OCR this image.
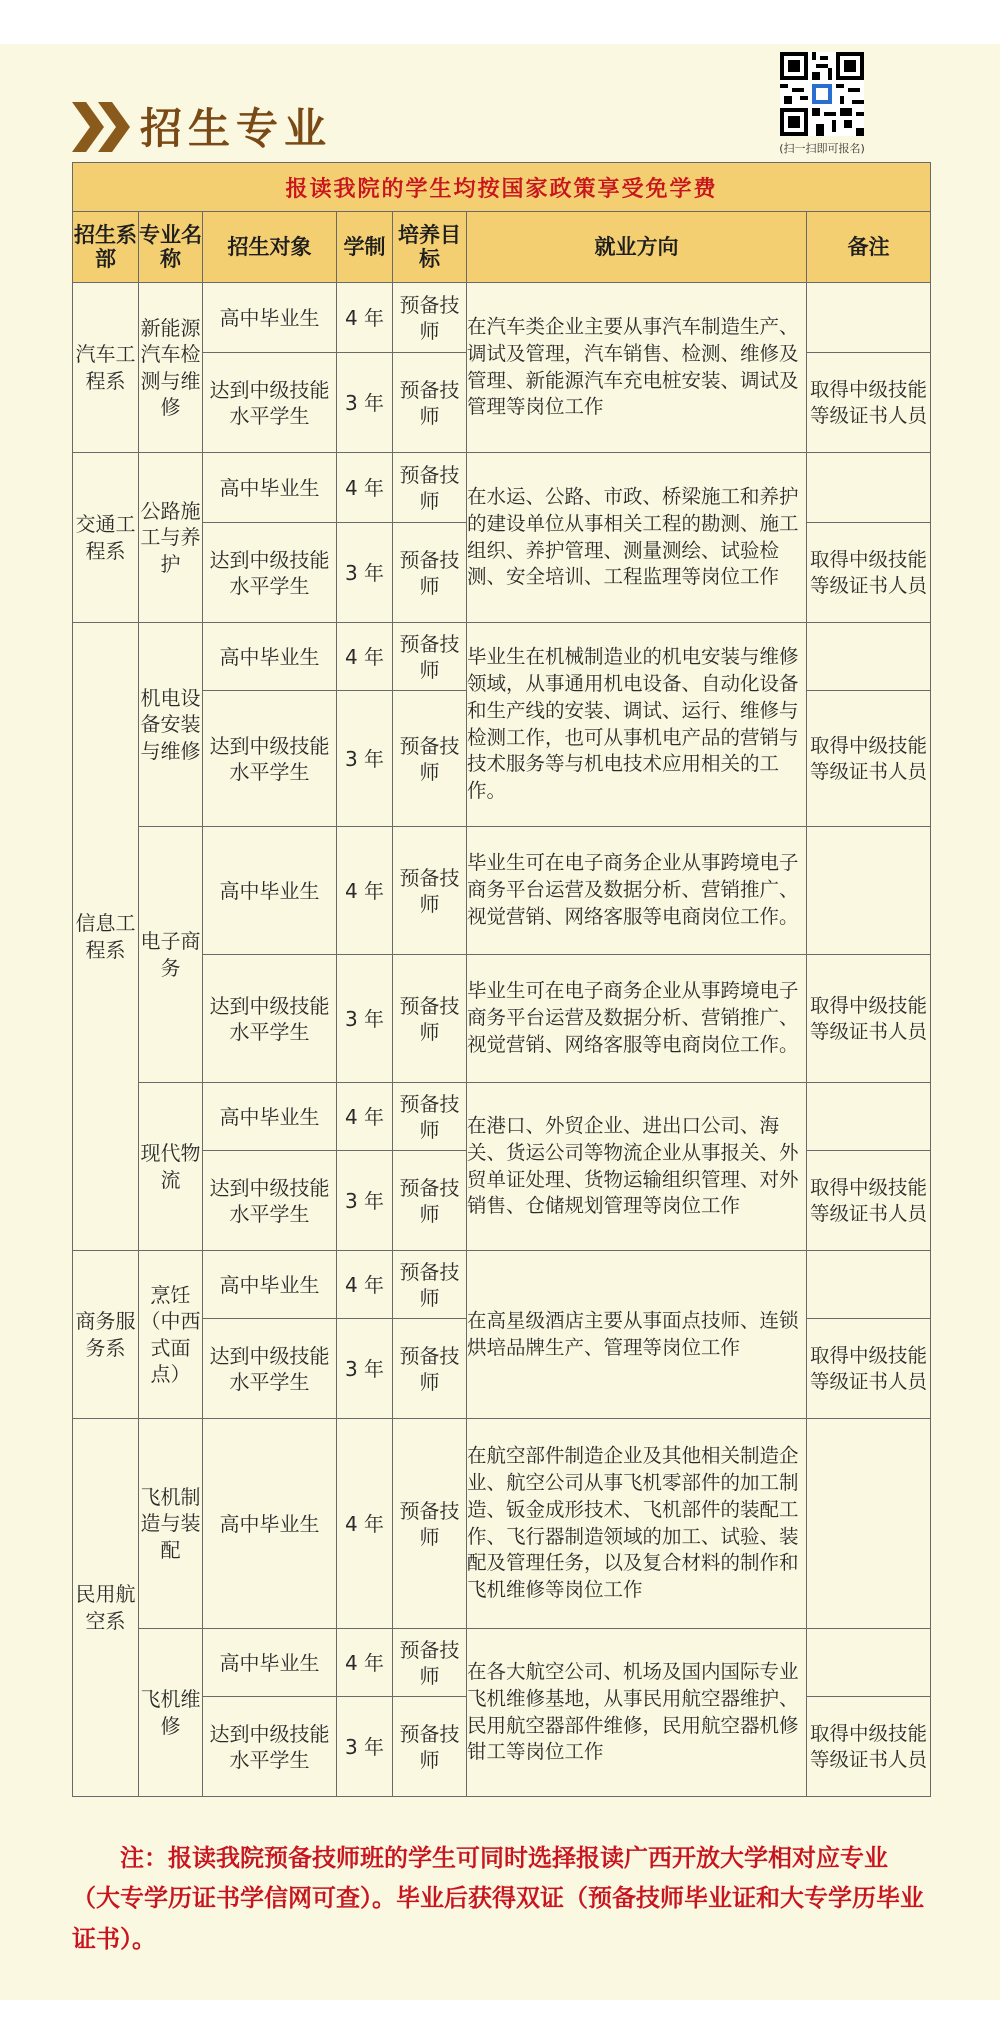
招生专业	(扫一扫即可报名)
报读我院的学生均按国家政策享受免学费						
招生系部	专业名称	招生对象	学制	培养目标	就业方向	备注
汽车工程系	新能源汽车检测与维修	高中毕业生	4 年	预备技师	在汽车类企业主要从事汽车制造生产、调试及管理，汽车销售、检测、维修及管理、新能源汽车充电桩安装、调试及管理等岗位工作	
		达到中级技能水平学生	3 年	预备技师		取得中级技能等级证书人员
交通工程系	公路施工与养护	高中毕业生	4 年	预备技师	在水运、公路、市政、桥梁施工和养护的建设单位从事相关工程的勘测、施工组织、养护管理、测量测绘、试验检测、安全培训、工程监理等岗位工作	
		达到中级技能水平学生	3 年	预备技师		取得中级技能等级证书人员
信息工程系	机电设备安装与维修	高中毕业生	4 年	预备技师	毕业生在机械制造业的机电安装与维修领域，从事通用机电设备、自动化设备和生产线的安装、调试、运行、维修与检测工作，也可从事机电产品的营销与技术服务等与机电技术应用相关的工作。	
		达到中级技能水平学生	3 年	预备技师		取得中级技能等级证书人员
	电子商务	高中毕业生	4 年	预备技师	毕业生可在电子商务企业从事跨境电子商务平台运营及数据分析、营销推广、视觉营销、网络客服等电商岗位工作。	
		达到中级技能水平学生	3 年	预备技师	毕业生可在电子商务企业从事跨境电子商务平台运营及数据分析、营销推广、视觉营销、网络客服等电商岗位工作。	取得中级技能等级证书人员
	现代物流	高中毕业生	4 年	预备技师	在港口、外贸企业、进出口公司、海关、货运公司等物流企业从事报关、外贸单证处理、货物运输组织管理、对外销售、仓储规划管理等岗位工作	
		达到中级技能水平学生	3 年	预备技师		取得中级技能等级证书人员
商务服务系	烹饪（中西式面点）	高中毕业生	4 年	预备技师	在高星级酒店主要从事面点技师、连锁烘培品牌生产、管理等岗位工作	
		达到中级技能水平学生	3 年	预备技师		取得中级技能等级证书人员
民用航空系	飞机制造与装配	高中毕业生	4 年	预备技师	在航空部件制造企业及其他相关制造企业、航空公司从事飞机零部件的加工制造、钣金成形技术、飞机部件的装配工作、飞行器制造领域的加工、试验、装配及管理任务，以及复合材料的制作和飞机维修等岗位工作	
	飞机维修	高中毕业生	4 年	预备技师	在各大航空公司、机场及国内国际专业飞机维修基地，从事民用航空器维护、民用航空器部件维修，民用航空器机修钳工等岗位工作	
		达到中级技能水平学生	3 年	预备技师		取得中级技能等级证书人员
注：报读我院预备技师班的学生可同时选择报读广西开放大学相对应专业（大专学历证书学信网可查）。毕业后获得双证（预备技师毕业证和大专学历毕业证书）。
